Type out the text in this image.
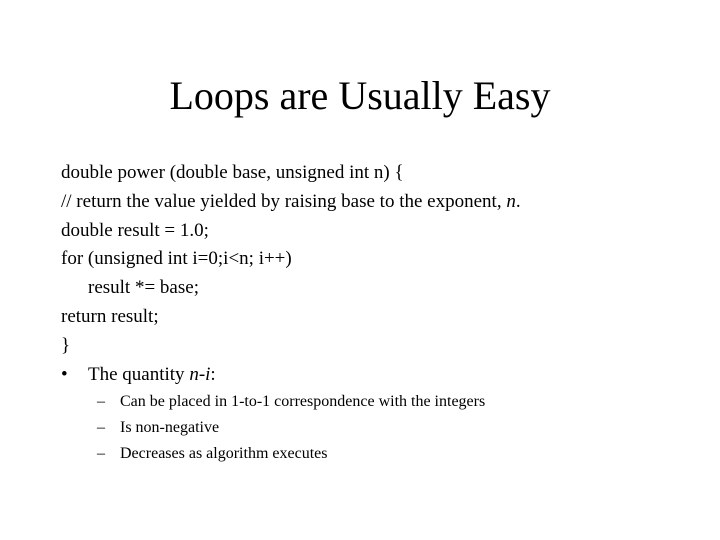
Loops are Usually Easy
double power (double base, unsigned int n) {
// return the value yielded by raising base to the exponent, n.
double result = 1.0;
for (unsigned int i=0;i<n; i++)
result *= base;
return result;
}
• The quantity n-i:
– Can be placed in 1-to-1 correspondence with the integers
– Is non-negative
– Decreases as algorithm executes
